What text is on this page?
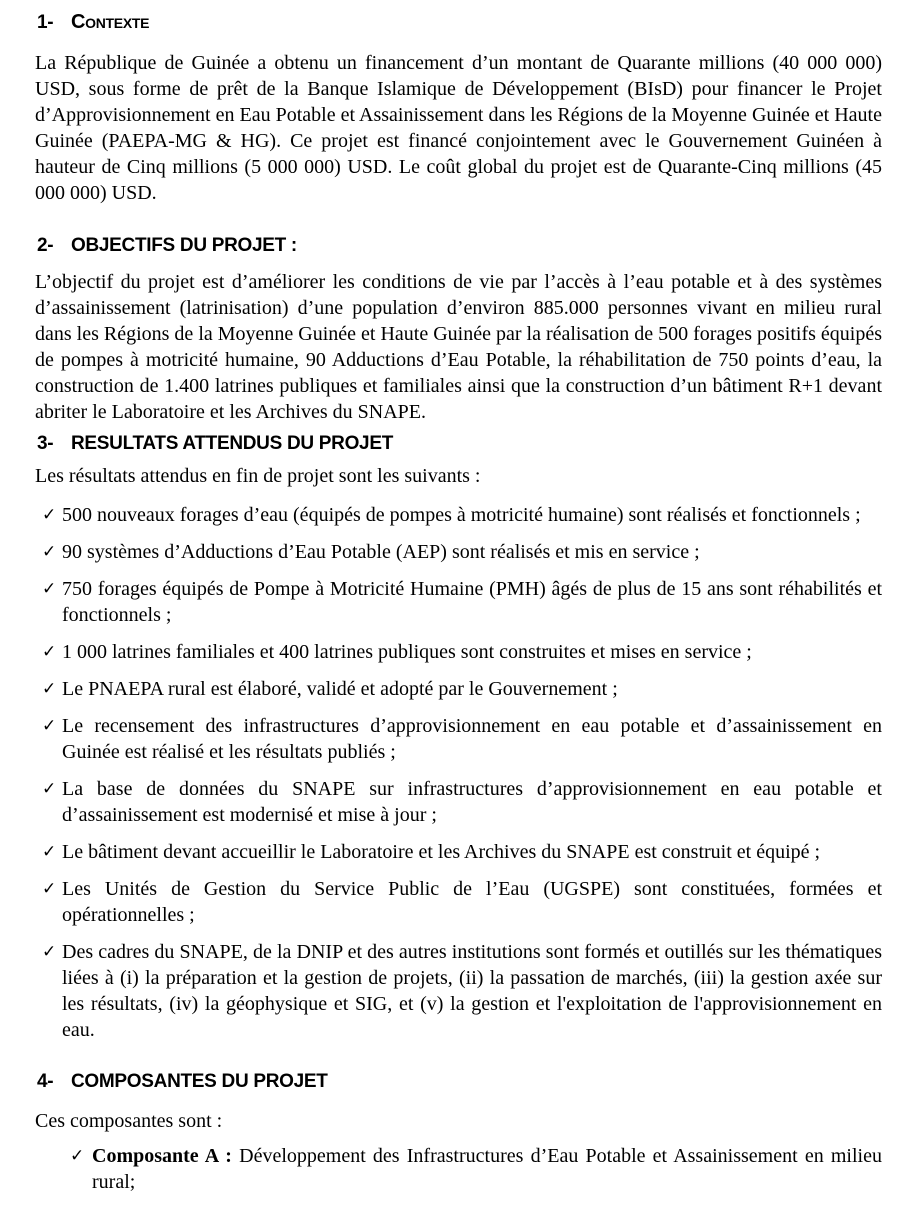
1- Contexte

La République de Guinée a obtenu un financement d’un montant de Quarante millions (40 000 000) USD, sous forme de prêt de la Banque Islamique de Développement (BIsD) pour financer le Projet d’Approvisionnement en Eau Potable et Assainissement dans les Régions de la Moyenne Guinée et Haute Guinée (PAEPA-MG & HG). Ce projet est financé conjointement avec le Gouvernement Guinéen à hauteur de Cinq millions (5 000 000) USD. Le coût global du projet est de Quarante-Cinq millions (45 000 000) USD.

2- OBJECTIFS DU PROJET :

L’objectif du projet est d’améliorer les conditions de vie par l’accès à l’eau potable et à des systèmes d’assainissement (latrinisation) d’une population d’environ 885.000 personnes vivant en milieu rural dans les Régions de la Moyenne Guinée et Haute Guinée par la réalisation de 500 forages positifs équipés de pompes à motricité humaine, 90 Adductions d’Eau Potable, la réhabilitation de 750 points d’eau, la construction de 1.400 latrines publiques et familiales ainsi que la construction d’un bâtiment R+1 devant abriter le Laboratoire et les Archives du SNAPE.

3- RESULTATS ATTENDUS DU PROJET

Les résultats attendus en fin de projet sont les suivants :

✓ 500 nouveaux forages d’eau (équipés de pompes à motricité humaine) sont réalisés et fonctionnels ;
✓ 90 systèmes d’Adductions d’Eau Potable (AEP) sont réalisés et mis en service ;
✓ 750 forages équipés de Pompe à Motricité Humaine (PMH) âgés de plus de 15 ans sont réhabilités et fonctionnels ;
✓ 1 000 latrines familiales et 400 latrines publiques sont construites et mises en service ;
✓ Le PNAEPA rural est élaboré, validé et adopté par le Gouvernement ;
✓ Le recensement des infrastructures d’approvisionnement en eau potable et d’assainissement en Guinée est réalisé et les résultats publiés ;
✓ La base de données du SNAPE sur infrastructures d’approvisionnement en eau potable et d’assainissement est modernisé et mise à jour ;
✓ Le bâtiment devant accueillir le Laboratoire et les Archives du SNAPE est construit et équipé ;
✓ Les Unités de Gestion du Service Public de l’Eau (UGSPE) sont constituées, formées et opérationnelles ;
✓ Des cadres du SNAPE, de la DNIP et des autres institutions sont formés et outillés sur les thématiques liées à (i) la préparation et la gestion de projets, (ii) la passation de marchés, (iii) la gestion axée sur les résultats, (iv) la géophysique et SIG, et (v) la gestion et l'exploitation de l'approvisionnement en eau.
4- COMPOSANTES DU PROJET

Ces composantes sont :

✓ Composante A : Développement des Infrastructures d’Eau Potable et Assainissement en milieu rural;
